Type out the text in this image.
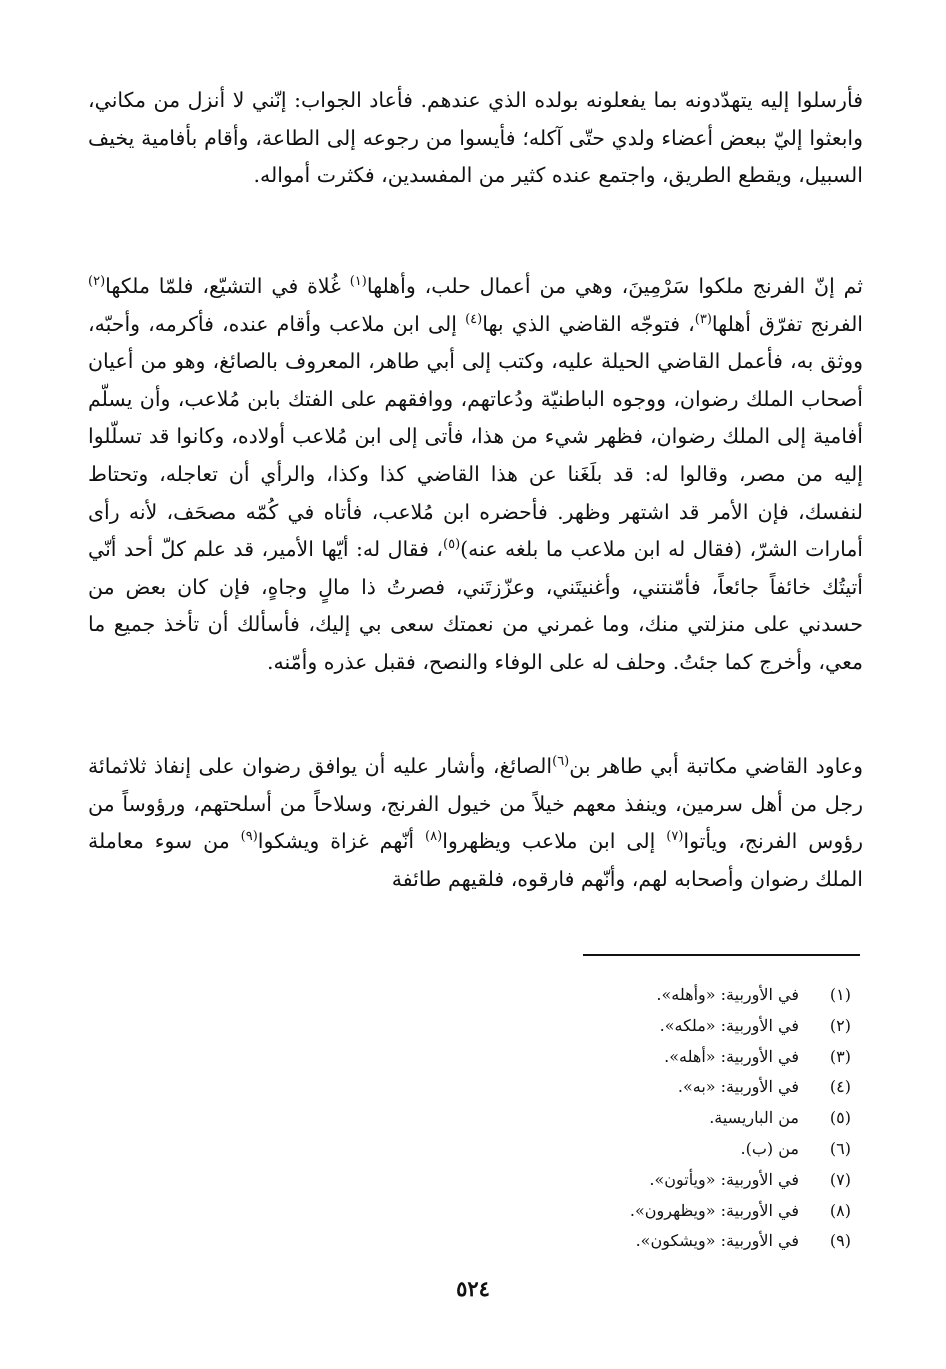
فأرسلوا إليه يتهدّدونه بما يفعلونه بولده الذي عندهم. فأعاد الجواب: إنّني لا أنزل من مكاني، وابعثوا إليّ ببعض أعضاء ولدي حتّى آكله؛ فأيسوا من رجوعه إلى الطاعة، وأقام بأفامية يخيف السبيل، ويقطع الطريق، واجتمع عنده كثير من المفسدين، فكثرت أمواله.

ثم إنّ الفرنج ملكوا سَرْمِينَ، وهي من أعمال حلب، وأهلها$^{(١)}$ غُلاة في التشيّع، فلمّا ملكها$^{(٢)}$ الفرنج تفرّق أهلها$^{(٣)}$، فتوجّه القاضي الذي بها$^{(٤)}$ إلى ابن ملاعب وأقام عنده، فأكرمه، وأحبّه، ووثق به، فأعمل القاضي الحيلة عليه، وكتب إلى أبي طاهر، المعروف بالصائغ، وهو من أعيان أصحاب الملك رضوان، ووجوه الباطنيّة ودُعاتهم، ووافقهم على الفتك بابن مُلاعب، وأن يسلّم أفامية إلى الملك رضوان، فظهر شيء من هذا، فأتى إلى ابن مُلاعب أولاده، وكانوا قد تسلّلوا إليه من مصر، وقالوا له: قد بلَغَنا عن هذا القاضي كذا وكذا، والرأي أن تعاجله، وتحتاط لنفسك، فإن الأمر قد اشتهر وظهر. فأحضره ابن مُلاعب، فأتاه في كُمّه مصحَف، لأنه رأى أمارات الشرّ، (فقال له ابن ملاعب ما بلغه عنه)$^{(٥)}$، فقال له: أيّها الأمير، قد علم كلّ أحد أنّي أتيتُك خائفاً جائعاً، فأمّنتني، وأغنيتَني، وعزّزتَني، فصرتُ ذا مالٍ وجاهٍ، فإن كان بعض من حسدني على منزلتي منك، وما غمرني من نعمتك سعى بي إليك، فأسألك أن تأخذ جميع ما معي، وأخرج كما جئتُ. وحلف له على الوفاء والنصح، فقبل عذره وأمّنه.

وعاود القاضي مكاتبة أبي طاهر بن$^{(٦)}$الصائغ، وأشار عليه أن يوافق رضوان على إنفاذ ثلاثمائة رجل من أهل سرمين، وينفذ معهم خيلاً من خيول الفرنج، وسلاحاً من أسلحتهم، ورؤوساً من رؤوس الفرنج، ويأتوا$^{(٧)}$ إلى ابن ملاعب ويظهروا$^{(٨)}$ أنّهم غزاة ويشكوا$^{(٩)}$ من سوء معاملة الملك رضوان وأصحابه لهم، وأنّهم فارقوه، فلقيهم طائفة

(١)
في الأوربية: «وأهله».
(٢)
في الأوربية: «ملكه».
(٣)
في الأوربية: «أهله».
(٤)
في الأوربية: «به».
(٥)
من الباريسية.
(٦)
من (ب).
(٧)
في الأوربية: «ويأتون».
(٨)
في الأوربية: «ويظهرون».
(٩)
في الأوربية: «ويشكون».
٥٢٤
